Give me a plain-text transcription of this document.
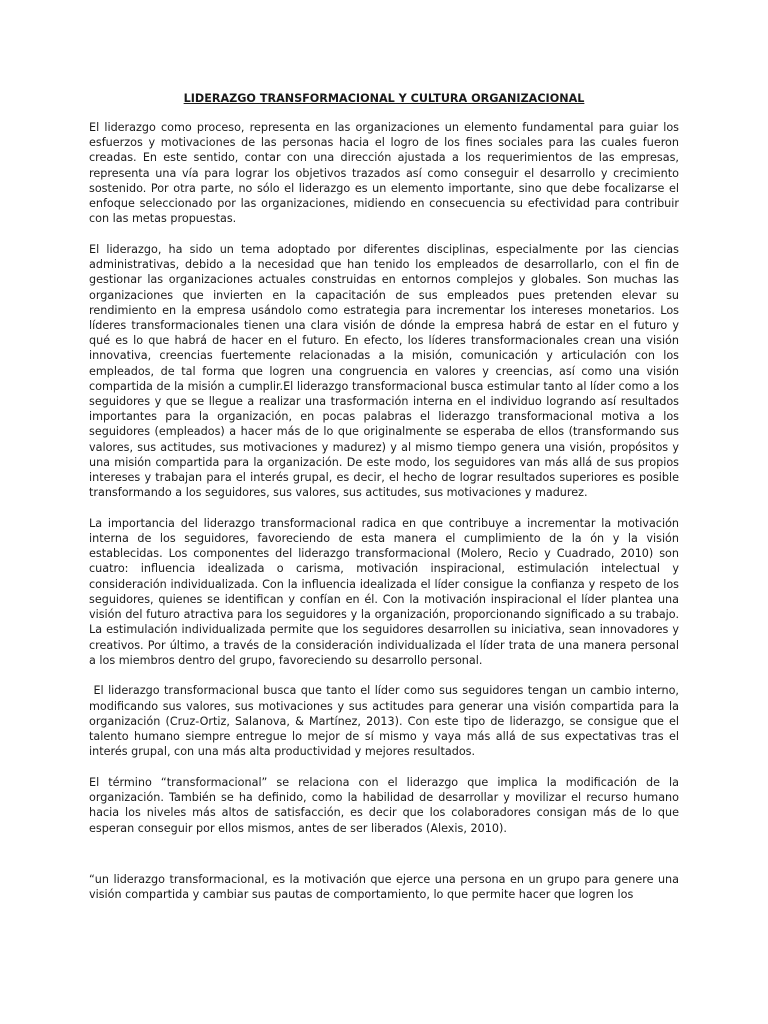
LIDERAZGO TRANSFORMACIONAL Y CULTURA ORGANIZACIONAL

El liderazgo como proceso, representa en las organizaciones un elemento fundamental para guiar los esfuerzos y motivaciones de las personas hacia el logro de los fines sociales para las cuales fueron creadas. En este sentido, contar con una dirección ajustada a los requerimientos de las empresas, representa una vía para lograr los objetivos trazados así como conseguir el desarrollo y crecimiento sostenido. Por otra parte, no sólo el liderazgo es un elemento importante, sino que debe focalizarse el enfoque seleccionado por las organizaciones, midiendo en consecuencia su efectividad para contribuir con las metas propuestas.

El liderazgo, ha sido un tema adoptado por diferentes disciplinas, especialmente por las ciencias administrativas, debido a la necesidad que han tenido los empleados de desarrollarlo, con el fin de gestionar las organizaciones actuales construidas en entornos complejos y globales. Son muchas las organizaciones que invierten en la capacitación de sus empleados pues pretenden elevar su rendimiento en la empresa usándolo como estrategia para incrementar los intereses monetarios. Los líderes transformacionales tienen una clara visión de dónde la empresa habrá de estar en el futuro y qué es lo que habrá de hacer en el futuro. En efecto, los líderes transformacionales crean una visión innovativa, creencias fuertemente relacionadas a la misión, comunicación y articulación con los empleados, de tal forma que logren una congruencia en valores y creencias, así como una visión compartida de la misión a cumplir.El liderazgo transformacional busca estimular tanto al líder como a los seguidores y que se llegue a realizar una trasformación interna en el individuo logrando así resultados importantes para la organización, en pocas palabras el liderazgo transformacional motiva a los seguidores (empleados) a hacer más de lo que originalmente se esperaba de ellos (transformando sus valores, sus actitudes, sus motivaciones y madurez) y al mismo tiempo genera una visión, propósitos y una misión compartida para la organización. De este modo, los seguidores van más allá de sus propios intereses y trabajan para el interés grupal, es decir, el hecho de lograr resultados superiores es posible transformando a los seguidores, sus valores, sus actitudes, sus motivaciones y madurez.

La importancia del liderazgo transformacional radica en que contribuye a incrementar la motivación interna de los seguidores, favoreciendo de esta manera el cumplimiento de la ón y la visión establecidas. Los componentes del liderazgo transformacional (Molero, Recio y Cuadrado, 2010) son cuatro: influencia idealizada o carisma, motivación inspiracional, estimulación intelectual y consideración individualizada. Con la influencia idealizada el líder consigue la confianza y respeto de los seguidores, quienes se identifican y confían en él. Con la motivación inspiracional el líder plantea una visión del futuro atractiva para los seguidores y la organización, proporcionando significado a su trabajo. La estimulación individualizada permite que los seguidores desarrollen su iniciativa, sean innovadores y creativos. Por último, a través de la consideración individualizada el líder trata de una manera personal a los miembros dentro del grupo, favoreciendo su desarrollo personal.

El liderazgo transformacional busca que tanto el líder como sus seguidores tengan un cambio interno, modificando sus valores, sus motivaciones y sus actitudes para generar una visión compartida para la organización (Cruz-Ortiz, Salanova, & Martínez, 2013). Con este tipo de liderazgo, se consigue que el talento humano siempre entregue lo mejor de sí mismo y vaya más allá de sus expectativas tras el interés grupal, con una más alta productividad y mejores resultados.

El término “transformacional” se relaciona con el liderazgo que implica la modificación de la organización. También se ha definido, como la habilidad de desarrollar y movilizar el recurso humano hacia los niveles más altos de satisfacción, es decir que los colaboradores consigan más de lo que esperan conseguir por ellos mismos, antes de ser liberados (Alexis, 2010).

“un liderazgo transformacional, es la motivación que ejerce una persona en un grupo para genere una visión compartida y cambiar sus pautas de comportamiento, lo que permite hacer que logren los
